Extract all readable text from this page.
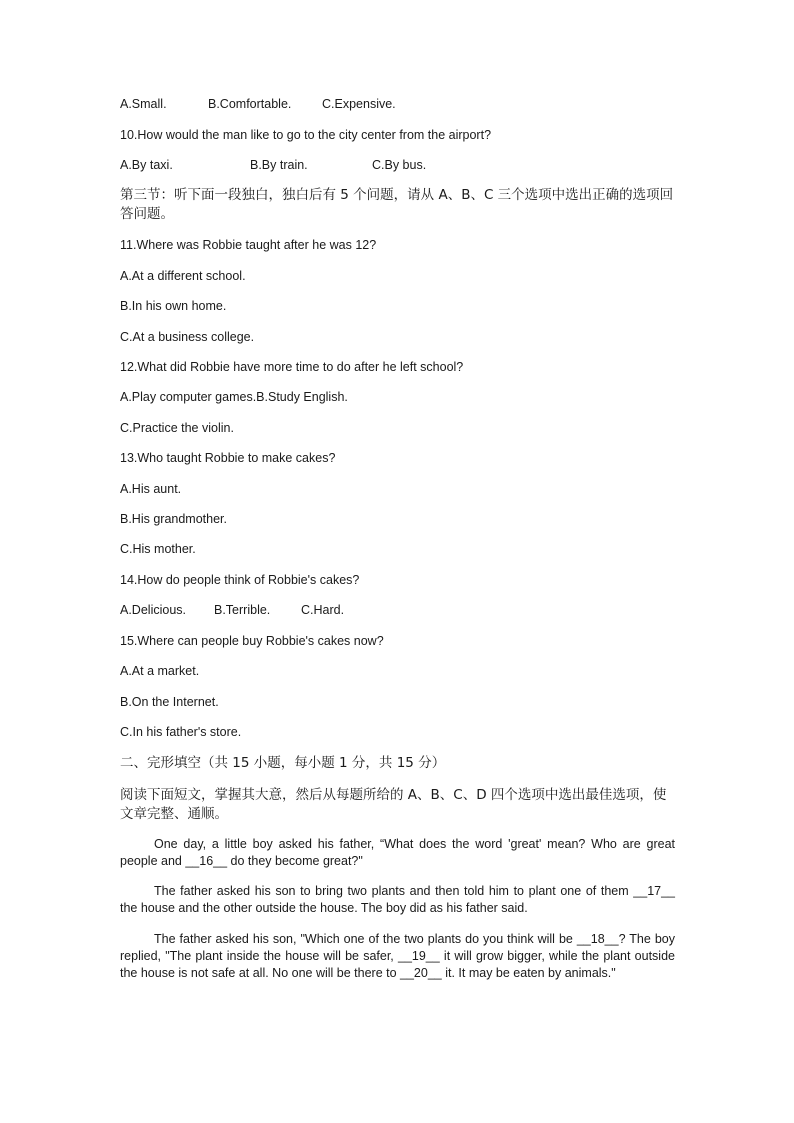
A.Small.	B.Comfortable. C.Expensive.
10.How would the man like to go to the city center from the airport?
A.By taxi.	B.By train.	C.By bus.
第三节：听下面一段独白，独白后有 5 个问题，请从 A、B、C 三个选项中选出正确的选项回答问题。
11.Where was Robbie taught after he was 12?
A.At a different school.
B.In his own home.
C.At a business college.
12.What did Robbie have more time to do after he left school?
A.Play computer games.B.Study English.
C.Practice the violin.
13.Who taught Robbie to make cakes?
A.His aunt.
B.His grandmother.
C.His mother.
14.How do people think of Robbie's cakes?
A.Delicious. B.Terrible. C.Hard.
15.Where can people buy Robbie's cakes now?
A.At a market.
B.On the Internet.
C.In his father's store.
二、完形填空（共 15 小题，每小题 1 分，共 15 分）
阅读下面短文，掌握其大意，然后从每题所给的 A、B、C、D 四个选项中选出最佳选项，使文章完整、通顺。
One day, a little boy asked his father, “What does the word 'great' mean? Who are great people and __16__ do they become great?"
The father asked his son to bring two plants and then told him to plant one of them __17__ the house and the other outside the house. The boy did as his father said.
The father asked his son, "Which one of the two plants do you think will be __18__? The boy replied, "The plant inside the house will be safer, __19__ it will grow bigger, while the plant outside the house is not safe at all. No one will be there to __20__ it. It may be eaten by animals."
